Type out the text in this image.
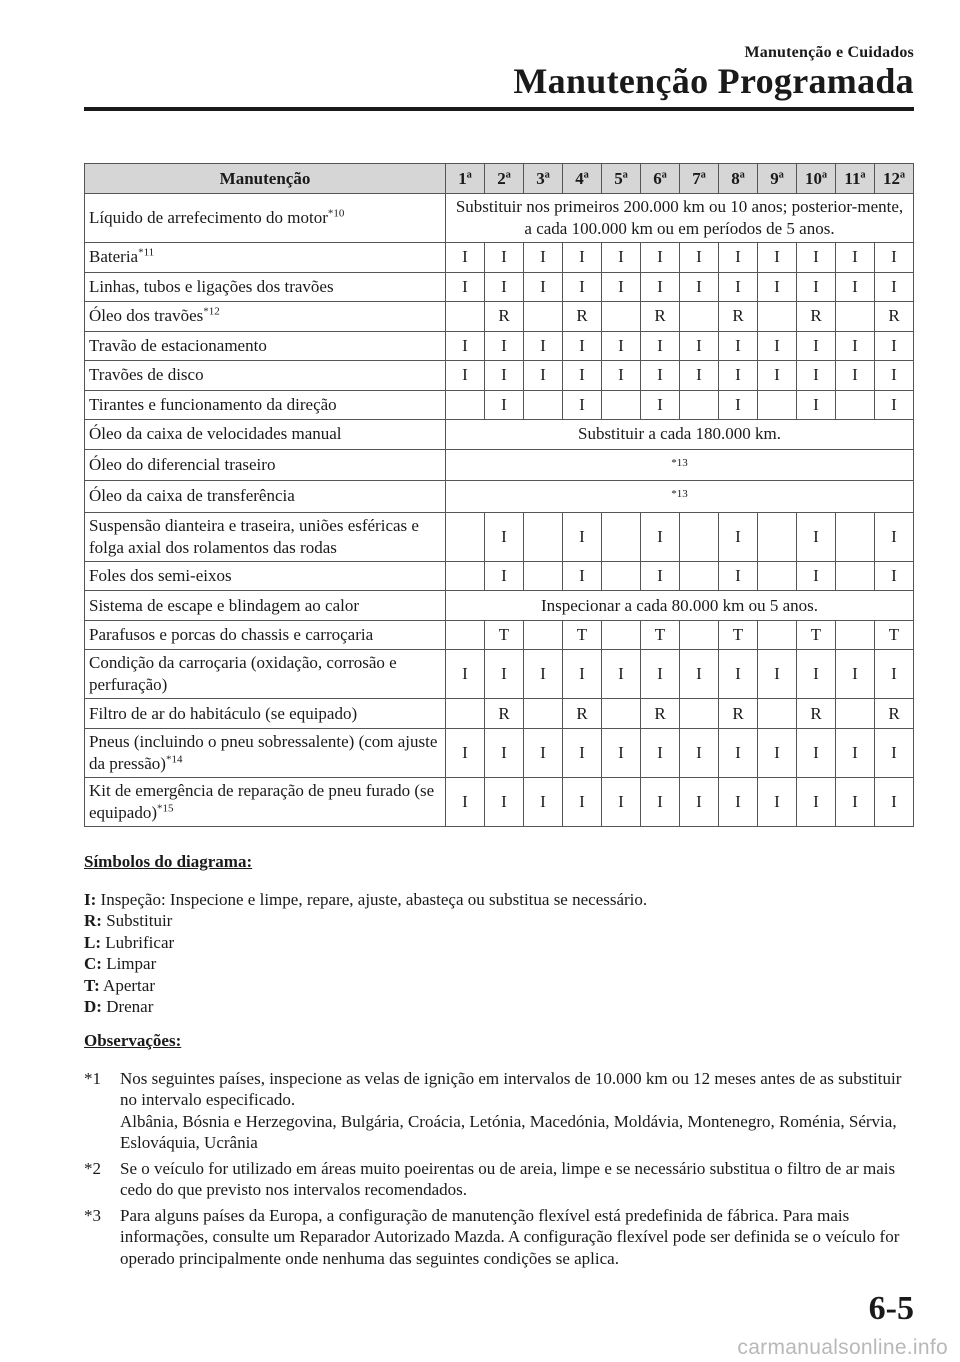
Manutenção e Cuidados
Manutenção Programada
Manutenção	1ª	2ª	3ª	4ª	5ª	6ª	7ª	8ª	9ª	10ª	11ª	12ª
Líquido de arrefecimento do motor$^{*10}$	Substituir nos primeiros 200.000 km ou 10 anos; posterior-mente, a cada 100.000 km ou em períodos de 5 anos.											
Bateria$^{*11}$	I	I	I	I	I	I	I	I	I	I	I	I
Linhas, tubos e ligações dos travões	I	I	I	I	I	I	I	I	I	I	I	I
Óleo dos travões$^{*12}$		R		R		R		R		R		R
Travão de estacionamento	I	I	I	I	I	I	I	I	I	I	I	I
Travões de disco	I	I	I	I	I	I	I	I	I	I	I	I
Tirantes e funcionamento da direção		I		I		I		I		I		I
Óleo da caixa de velocidades manual	Substituir a cada 180.000 km.											
Óleo do diferencial traseiro	$^{*13}$
Óleo da caixa de transferência	$^{*13}$
Suspensão dianteira e traseira, uniões esféricas e folga axial dos rolamentos das rodas		I		I		I		I		I		I
Foles dos semi-eixos		I		I		I		I		I		I
Sistema de escape e blindagem ao calor	Inspecionar a cada 80.000 km ou 5 anos.											
Parafusos e porcas do chassis e carroçaria		T		T		T		T		T		T
Condição da carroçaria (oxidação, corrosão e perfuração)	I	I	I	I	I	I	I	I	I	I	I	I
Filtro de ar do habitáculo (se equipado)		R		R		R		R		R		R
Pneus (incluindo o pneu sobressalente) (com ajuste da pressão)$^{*14}$	I	I	I	I	I	I	I	I	I	I	I	I
Kit de emergência de reparação de pneu furado (se equipado)$^{*15}$	I	I	I	I	I	I	I	I	I	I	I	I
Símbolos do diagrama:
I: Inspeção: Inspecione e limpe, repare, ajuste, abasteça ou substitua se necessário.
R: Substituir
L: Lubrificar
C: Limpar
T: Apertar
D: Drenar
Observações:
*1	Nos seguintes países, inspecione as velas de ignição em intervalos de 10.000 km ou 12 meses antes de as substituir no intervalo especificado.
Albânia, Bósnia e Herzegovina, Bulgária, Croácia, Letónia, Macedónia, Moldávia, Montenegro, Roménia, Sérvia, Eslováquia, Ucrânia
*2	Se o veículo for utilizado em áreas muito poeirentas ou de areia, limpe e se necessário substitua o filtro de ar mais cedo do que previsto nos intervalos recomendados.
*3	Para alguns países da Europa, a configuração de manutenção flexível está predefinida de fábrica. Para mais informações, consulte um Reparador Autorizado Mazda. A configuração flexível pode ser definida se o veículo for operado principalmente onde nenhuma das seguintes condições se aplica.
6-5
carmanualsonline.info
